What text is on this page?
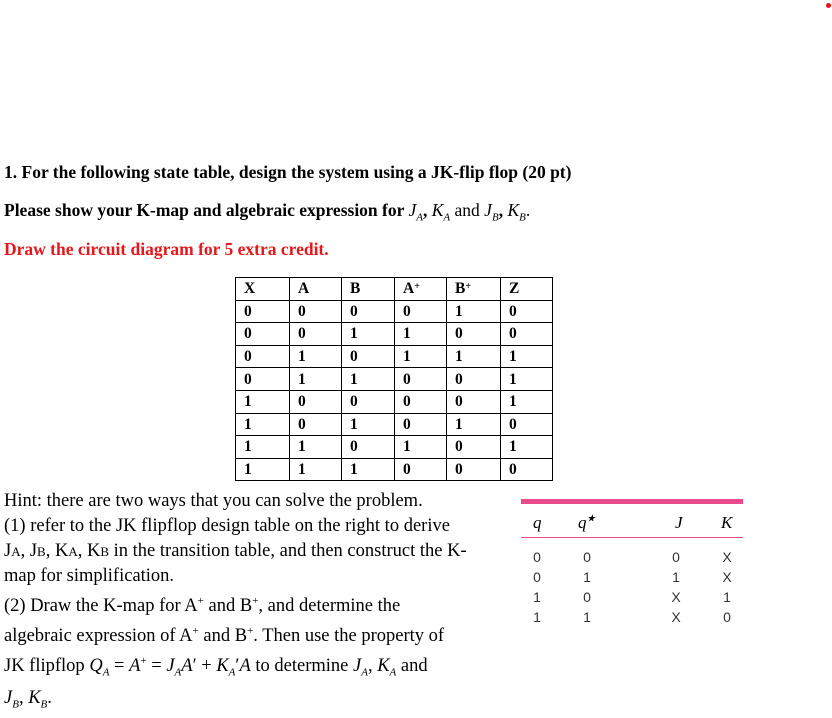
1. For the following state table, design the system using a JK-flip flop (20 pt)
Please show your K-map and algebraic expression for $J_A$, $K_A$ and $J_B$, $K_B$.
Draw the circuit diagram for 5 extra credit.
X	A	B	A+	B+	Z
0	0	0	0	1	0
0	0	1	1	0	0
0	1	0	1	1	1
0	1	1	0	0	1
1	0	0	0	0	1
1	0	1	0	1	0
1	1	0	1	0	1
1	1	1	0	0	0
Hint: there are two ways that you can solve the problem.
(1) refer to the JK flipflop design table on the right to derive
JA, JB, KA, KB in the transition table, and then construct the K-
map for simplification.
(2) Draw the K-map for A+ and B+, and determine the
algebraic expression of A+ and B+. Then use the property of
JK flipflop $Q_A = A^+ = J_AA' + K_A'A$ to determine $J_A$, $K_A$ and
$J_B$, $K_B$.
q q★	J K
0	0	0	X
0	1	1	X
1	0	X	1
1	1	X	0
